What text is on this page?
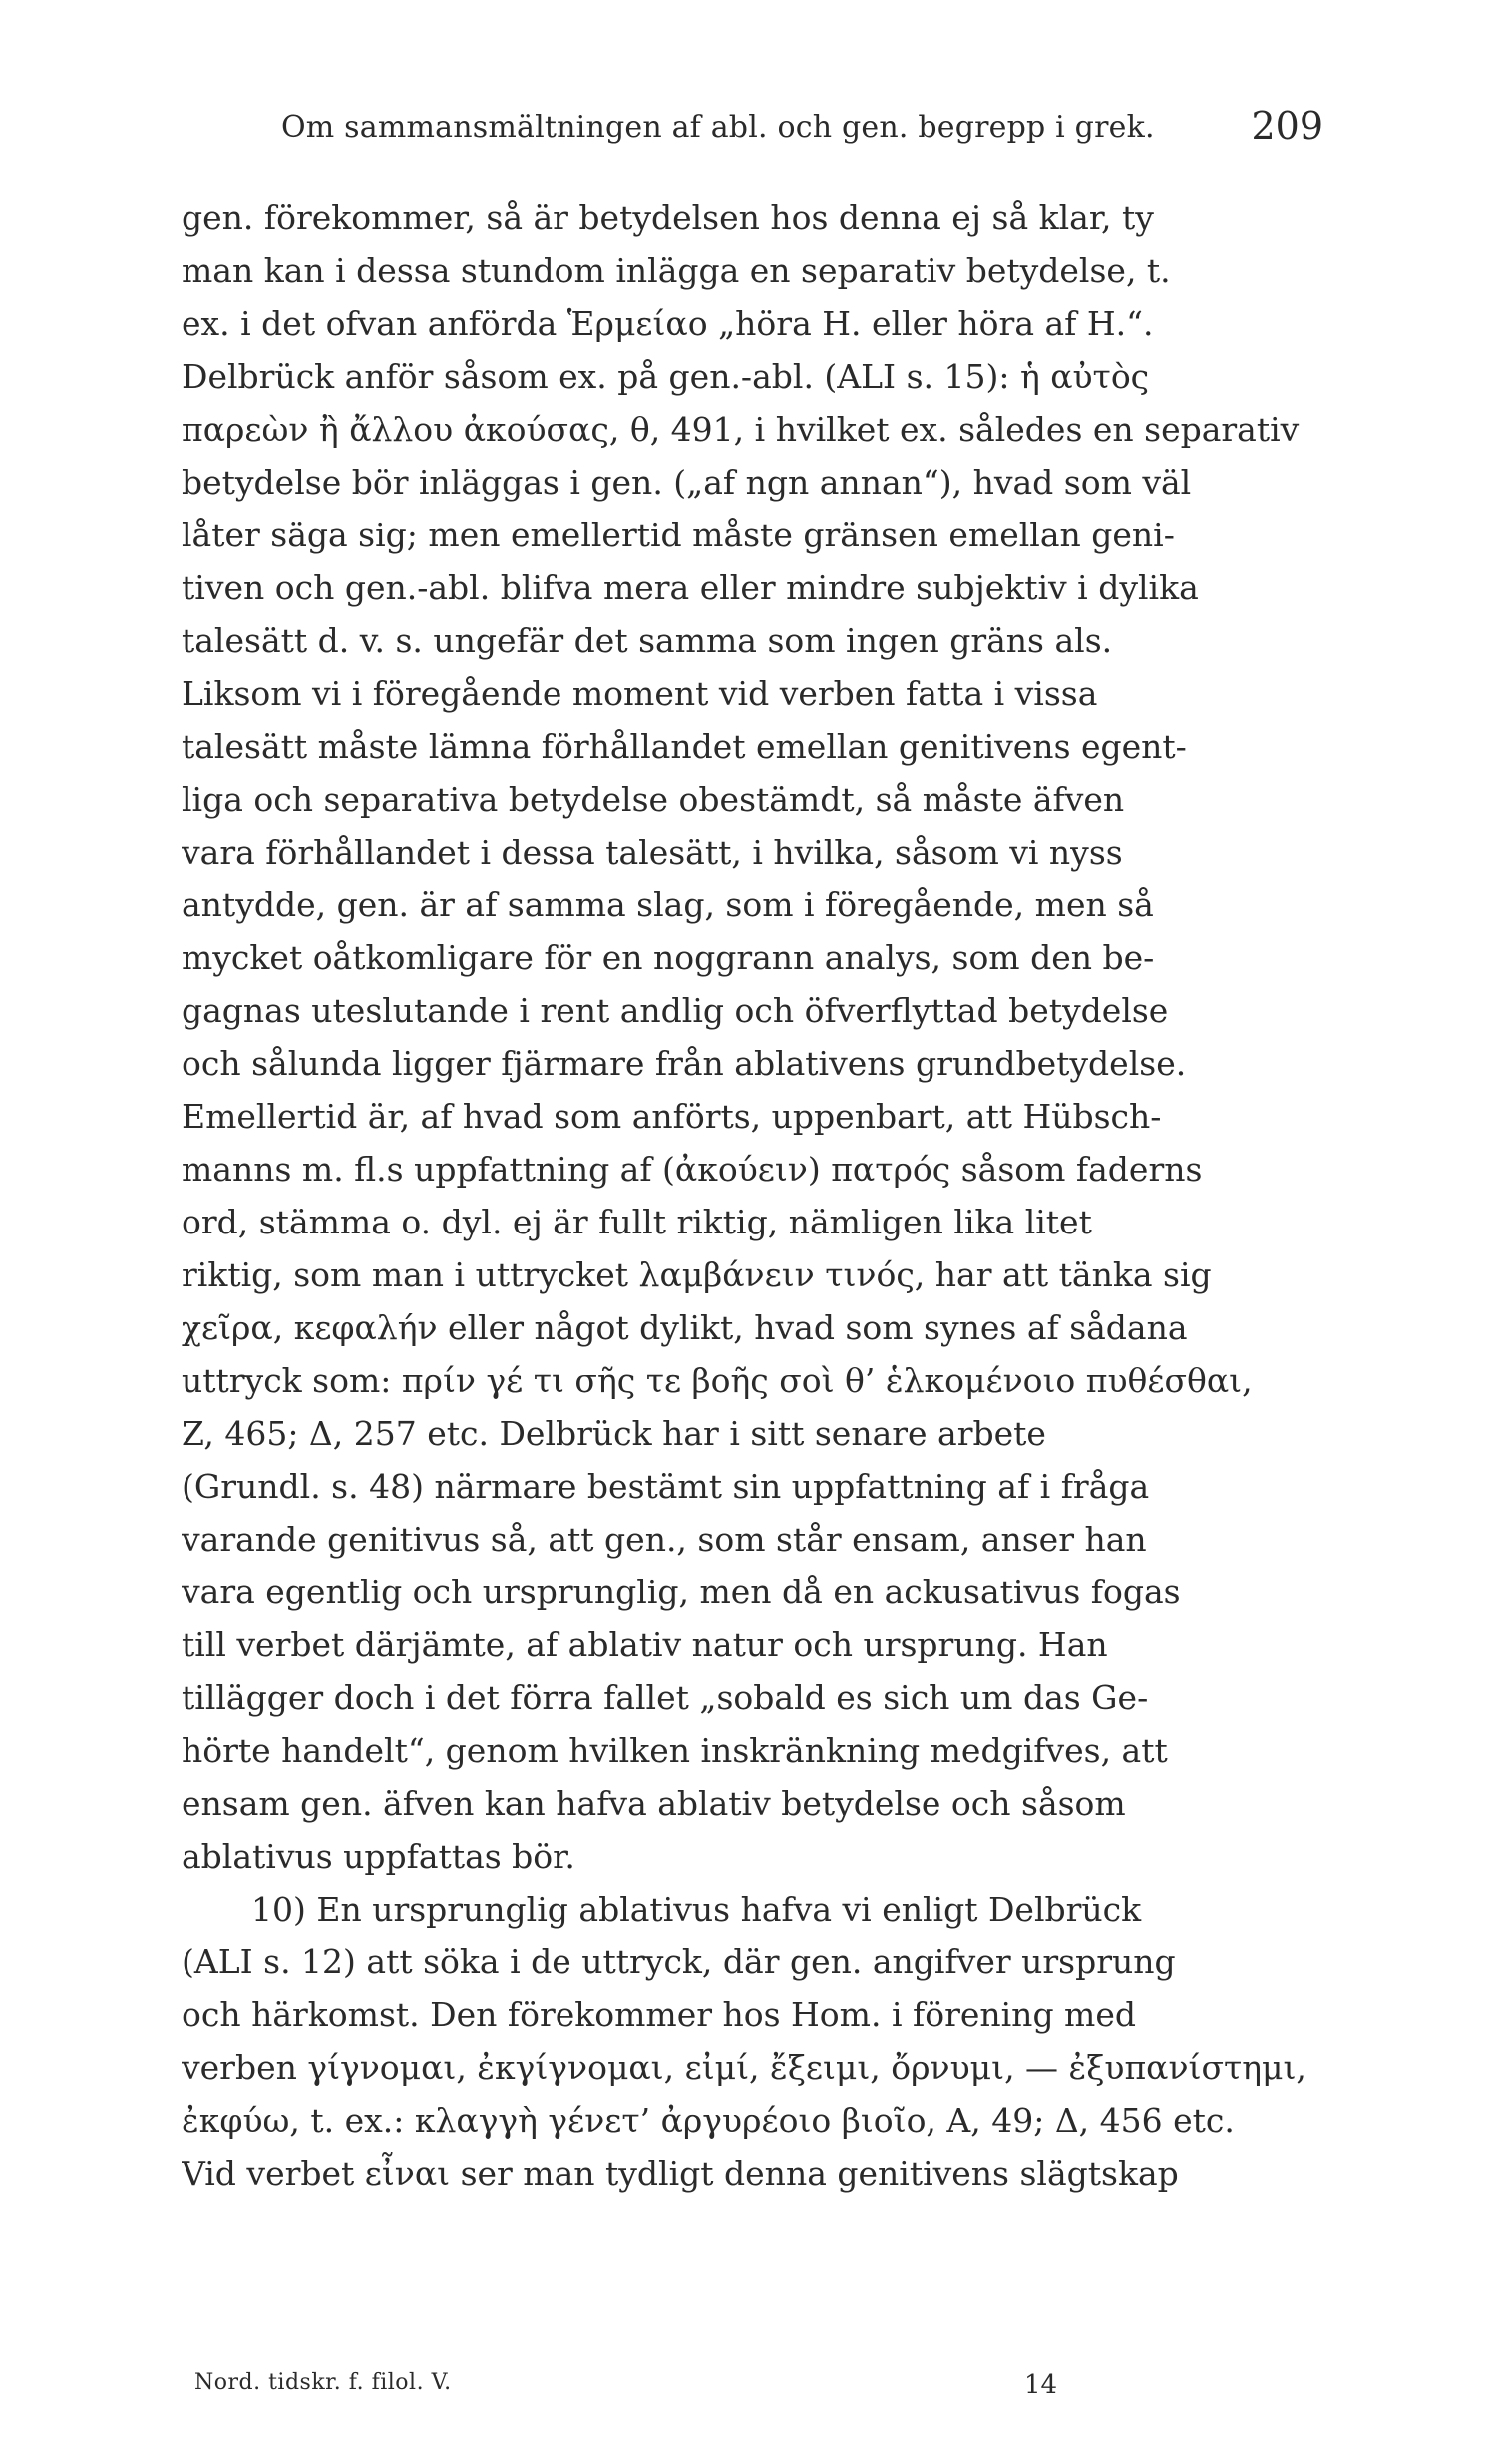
Om sammansmältningen af abl. och gen. begrepp i grek.	209
gen. förekommer, så är betydelsen hos denna ej så klar, ty
man kan i dessa stundom inlägga en separativ betydelse, t.
ex. i det ofvan anförda Ἑρμείαο „höra H. eller höra af H.“.
Delbrück anför såsom ex. på gen.-abl. (ALI s. 15): ἡ αὐτὸς
παρεὼν ἢ ἄλλου ἀκούσας, θ, 491, i hvilket ex. således en separativ
betydelse bör inläggas i gen. („af ngn annan“), hvad som väl
låter säga sig; men emellertid måste gränsen emellan geni-
tiven och gen.-abl. blifva mera eller mindre subjektiv i dylika
talesätt d. v. s. ungefär det samma som ingen gräns als.
Liksom vi i föregående moment vid verben fatta i vissa
talesätt måste lämna förhållandet emellan genitivens egent-
liga och separativa betydelse obestämdt, så måste äfven
vara förhållandet i dessa talesätt, i hvilka, såsom vi nyss
antydde, gen. är af samma slag, som i föregående, men så
mycket oåtkomligare för en noggrann analys, som den be-
gagnas uteslutande i rent andlig och öfverflyttad betydelse
och sålunda ligger fjärmare från ablativens grundbetydelse.
Emellertid är, af hvad som anförts, uppenbart, att Hübsch-
manns m. fl.s uppfattning af (ἀκούειν) πατρός såsom faderns
ord, stämma o. dyl. ej är fullt riktig, nämligen lika litet
riktig, som man i uttrycket λαμβάνειν τινός, har att tänka sig
χεῖρα, κεφαλήν eller något dylikt, hvad som synes af sådana
uttryck som: πρίν γέ τι σῆς τε βοῆς σοὶ θ’ ἑλκομένοιο πυθέσθαι,
Z, 465; Δ, 257 etc. Delbrück har i sitt senare arbete
(Grundl. s. 48) närmare bestämt sin uppfattning af i fråga
varande genitivus så, att gen., som står ensam, anser han
vara egentlig och ursprunglig, men då en ackusativus fogas
till verbet därjämte, af ablativ natur och ursprung. Han
tillägger doch i det förra fallet „sobald es sich um das Ge-
hörte handelt“, genom hvilken inskränkning medgifves, att
ensam gen. äfven kan hafva ablativ betydelse och såsom
ablativus uppfattas bör.
10) En ursprunglig ablativus hafva vi enligt Delbrück
(ALI s. 12) att söka i de uttryck, där gen. angifver ursprung
och härkomst. Den förekommer hos Hom. i förening med
verben γίγνομαι, ἐκγίγνομαι, εἰμί, ἔξειμι, ὄρνυμι, — ἐξυπανίστημι,
ἐκφύω, t. ex.: κλαγγὴ γένετ’ ἀργυρέοιο βιοῖο, Α, 49; Δ, 456 etc.
Vid verbet εἶναι ser man tydligt denna genitivens slägtskap
Nord. tidskr. f. filol. V.	14
